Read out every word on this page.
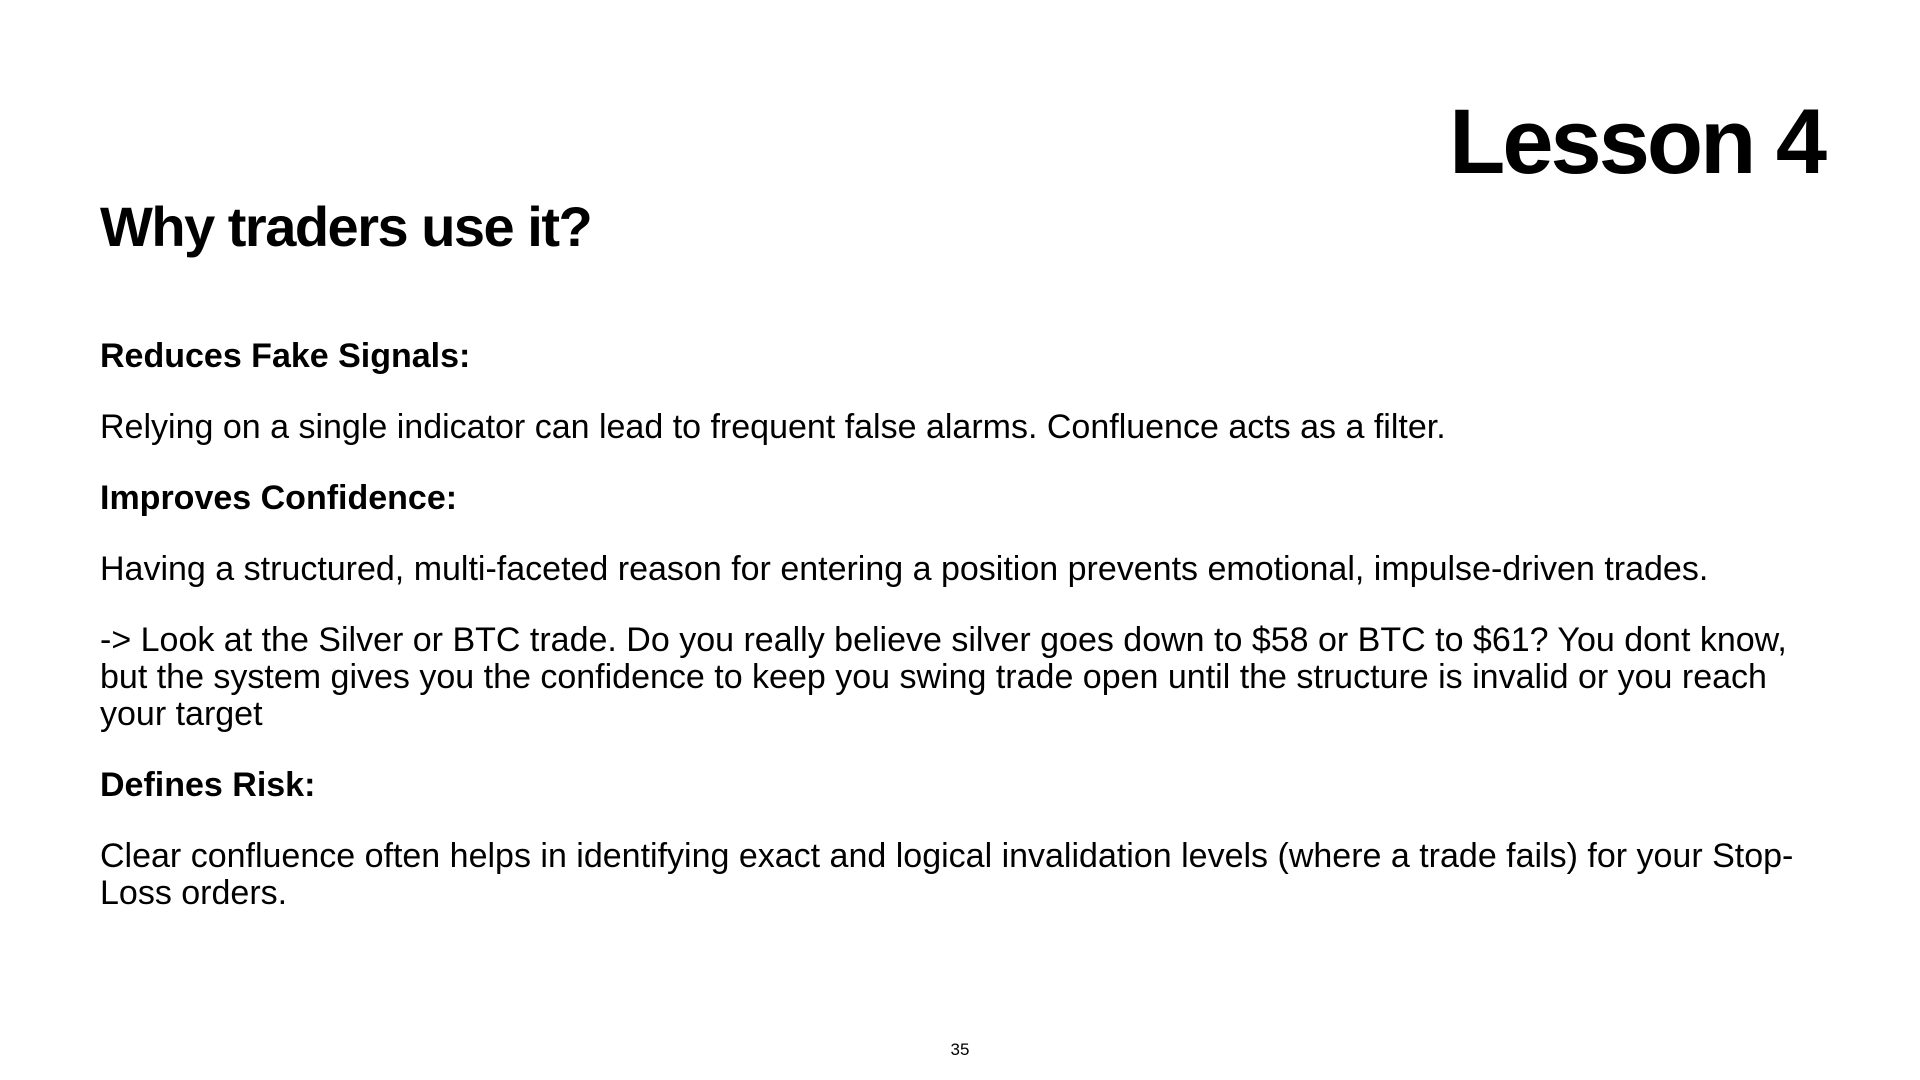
Lesson 4
Why traders use it?

Reduces Fake Signals:

Relying on a single indicator can lead to frequent false alarms. Confluence acts as a filter.

Improves Confidence:

Having a structured, multi-faceted reason for entering a position prevents emotional, impulse-driven trades.

-> Look at the Silver or BTC trade. Do you really believe silver goes down to $58 or BTC to $61? You dont know, but the system gives you the confidence to keep you swing trade open until the structure is invalid or you reach your target

Defines Risk:

Clear confluence often helps in identifying exact and logical invalidation levels (where a trade fails) for your Stop-Loss orders.

35
